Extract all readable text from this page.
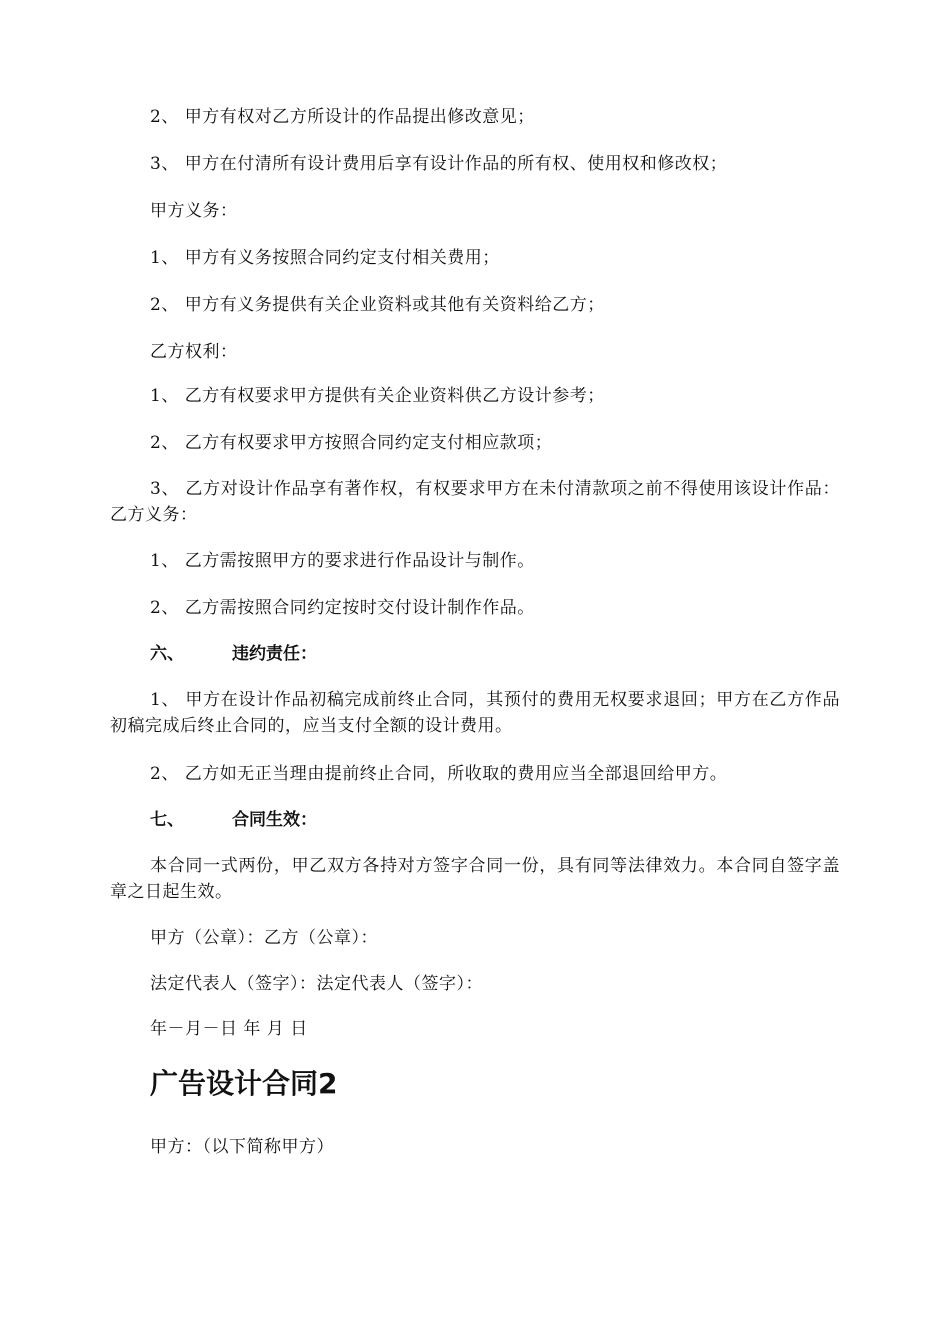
2、 甲方有权对乙方所设计的作品提出修改意见；
3、 甲方在付清所有设计费用后享有设计作品的所有权、使用权和修改权；
甲方义务：
1、 甲方有义务按照合同约定支付相关费用；
2、 甲方有义务提供有关企业资料或其他有关资料给乙方；
乙方权利：
1、 乙方有权要求甲方提供有关企业资料供乙方设计参考；
2、 乙方有权要求甲方按照合同约定支付相应款项；
3、 乙方对设计作品享有著作权，有权要求甲方在未付清款项之前不得使用该设计作品：乙方义务：
1、 乙方需按照甲方的要求进行作品设计与制作。
2、 乙方需按照合同约定按时交付设计制作作品。
六、	违约责任：
1、 甲方在设计作品初稿完成前终止合同，其预付的费用无权要求退回；甲方在乙方作品初稿完成后终止合同的，应当支付全额的设计费用。
2、 乙方如无正当理由提前终止合同，所收取的费用应当全部退回给甲方。
七、	合同生效：
本合同一式两份，甲乙双方各持对方签字合同一份，具有同等法律效力。本合同自签字盖章之日起生效。
甲方（公章）：乙方（公章）：
法定代表人（签字）：法定代表人（签字）：
年－月－日 年 月 日
广告设计合同2
甲方：（以下简称甲方）
